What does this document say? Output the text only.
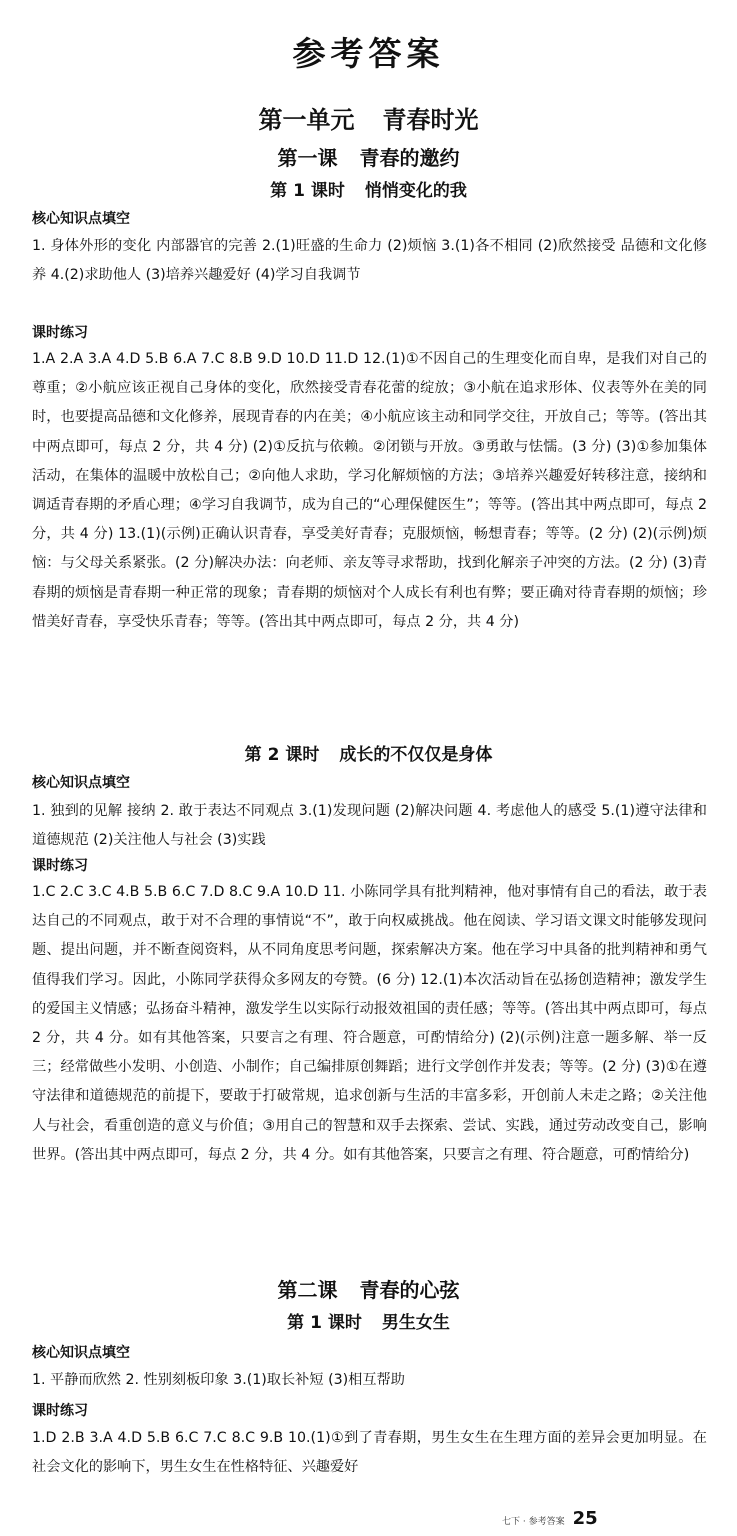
参考答案
第一单元 青春时光
第一课 青春的邀约
第 1 课时 悄悄变化的我
核心知识点填空

1. 身体外形的变化 内部器官的完善 2.(1)旺盛的生命力 (2)烦恼 3.(1)各不相同 (2)欣然接受 品德和文化修养 4.(2)求助他人 (3)培养兴趣爱好 (4)学习自我调节

课时练习

1.A 2.A 3.A 4.D 5.B 6.A 7.C 8.B 9.D 10.D 11.D 12.(1)①不因自己的生理变化而自卑，是我们对自己的尊重；②小航应该正视自己身体的变化，欣然接受青春花蕾的绽放；③小航在追求形体、仪表等外在美的同时，也要提高品德和文化修养，展现青春的内在美；④小航应该主动和同学交往，开放自己；等等。(答出其中两点即可，每点 2 分，共 4 分) (2)①反抗与依赖。②闭锁与开放。③勇敢与怯懦。(3 分) (3)①参加集体活动，在集体的温暖中放松自己；②向他人求助，学习化解烦恼的方法；③培养兴趣爱好转移注意，接纳和调适青春期的矛盾心理；④学习自我调节，成为自己的“心理保健医生”；等等。(答出其中两点即可，每点 2 分，共 4 分) 13.(1)(示例)正确认识青春，享受美好青春；克服烦恼，畅想青春；等等。(2 分) (2)(示例)烦恼：与父母关系紧张。(2 分)解决办法：向老师、亲友等寻求帮助，找到化解亲子冲突的方法。(2 分) (3)青春期的烦恼是青春期一种正常的现象；青春期的烦恼对个人成长有利也有弊；要正确对待青春期的烦恼；珍惜美好青春，享受快乐青春；等等。(答出其中两点即可，每点 2 分，共 4 分)

第 2 课时 成长的不仅仅是身体
核心知识点填空

1. 独到的见解 接纳 2. 敢于表达不同观点 3.(1)发现问题 (2)解决问题 4. 考虑他人的感受 5.(1)遵守法律和道德规范 (2)关注他人与社会 (3)实践

课时练习

1.C 2.C 3.C 4.B 5.B 6.C 7.D 8.C 9.A 10.D 11. 小陈同学具有批判精神，他对事情有自己的看法，敢于表达自己的不同观点，敢于对不合理的事情说“不”，敢于向权威挑战。他在阅读、学习语文课文时能够发现问题、提出问题，并不断查阅资料，从不同角度思考问题，探索解决方案。他在学习中具备的批判精神和勇气值得我们学习。因此，小陈同学获得众多网友的夸赞。(6 分) 12.(1)本次活动旨在弘扬创造精神；激发学生的爱国主义情感；弘扬奋斗精神，激发学生以实际行动报效祖国的责任感；等等。(答出其中两点即可，每点 2 分，共 4 分。如有其他答案，只要言之有理、符合题意，可酌情给分) (2)(示例)注意一题多解、举一反三；经常做些小发明、小创造、小制作；自己编排原创舞蹈；进行文学创作并发表；等等。(2 分) (3)①在遵守法律和道德规范的前提下，要敢于打破常规，追求创新与生活的丰富多彩，开创前人未走之路；②关注他人与社会，看重创造的意义与价值；③用自己的智慧和双手去探索、尝试、实践，通过劳动改变自己，影响世界。(答出其中两点即可，每点 2 分，共 4 分。如有其他答案，只要言之有理、符合题意，可酌情给分)

第二课 青春的心弦
第 1 课时 男生女生
核心知识点填空

1. 平静而欣然 2. 性别刻板印象 3.(1)取长补短 (3)相互帮助

课时练习

1.D 2.B 3.A 4.D 5.B 6.C 7.C 8.C 9.B 10.(1)①到了青春期，男生女生在生理方面的差异会更加明显。在社会文化的影响下，男生女生在性格特征、兴趣爱好

七下 · 参考答案 25
